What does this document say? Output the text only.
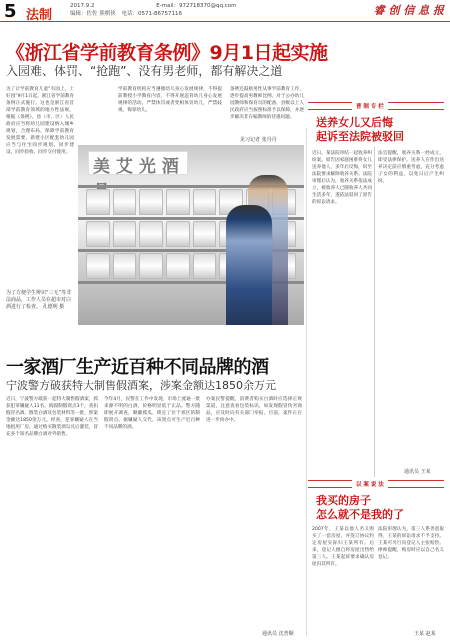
5 法制
2017.9.2	E-mail：972718370@qq.com
编辑：佐佐 熊棋侠 电话：0571-86757116	睿 创 信 息 报
《浙江省学前教育条例》9月1日起实施
入园难、体罚、“抢跑”、没有男老师，都有解决之道
为了让学前教育儿童“有园上、上好园”9月1日起，浙江省学前教育条例正式施行。这也是浙江省首部学前教育领域的地方性法规。根据《条例》，县（市、区）人民政府应当将幼儿园建设纳入城乡规划，合理布局，保障学前教育发展需要。新建小区配套幼儿园应当与住宅同步规划、同步建设、同步验收、同步交付使用。
学前教育机构应当遵循幼儿身心发展规律，不得提前教授小学教育内容，不得开展违背幼儿身心发展规律的活动。严禁体罚或者变相体罚幼儿，严禁歧视、侮辱幼儿。
条例还鼓励男性从事学前教育工作，逐步提高男教师比例。对于公办幼儿园教师和保育员的配备，县级以上人民政府应当按照标准予以保障，并逐步解决非在编教师的待遇问题。
见习记者 张丹丹
美 艾 光 酒
为了方便学生辨识“三无”等非法商品，工作人员在超市对白酒进行了检查。 孔德明 摄
一家酒厂生产近百种不同品牌的酒
宁波警方破获特大制售假酒案，涉案金额达1850余万元
近日，宁波警方破获一起特大制售假酒案，抓获犯罪嫌疑人11名，捣毁制假窝点3个，查扣假冒名酒、散装白酒及包装材料等一批，涉案金额达1850余万元。经查，犯罪嫌疑人在当地租用厂房，通过购买散装酒勾兑后灌装，冒充多个知名品牌白酒对外销售。
今年4月，民警在工作中发现，市场上流通一批来源不明的白酒，价格明显低于正品。警方随即展开调查，顺藤摸瓜，锁定了位于郊区的制假窝点。据嫌疑人交代，该窝点可生产近百种不同品牌的酒。
办案民警提醒，消费者购买白酒时应选择正规渠道，注意查看包装标识，如发现假冒伪劣商品，应及时向有关部门举报。目前，案件正在进一步侦办中。
通讯员 沈普顺
普 制 专 栏
送养女儿又后悔
起诉至法院被驳回
近日，某法院审结一起收养纠纷案。原告因家庭困难将女儿送养他人，多年后反悔，诉至法院要求解除收养关系。法院审理后认为，收养关系依法成立，被收养人已随收养人共同生活多年，遂依法驳回了原告的诉讼请求。
法官提醒，收养关系一经成立，即受法律保护。送养人在作出送养决定前应慎重考虑，充分考虑子女的利益，以免日后产生纠纷。
通讯员 王某
以 案 说 法
我买的房子
怎么就不是我的了
2007年，王某以他人名义购买了一套房屋，并签订协议约定房屋实际归王某所有。后来，登记人擅自将房屋出售给第三人。王某起诉要求确认房屋归其所有。
法院审理认为，第三人系善意取得，王某的诉讼请求不予支持。王某可另行向登记人主张赔偿。律师提醒，购房时应以自己名义登记。
王某 赵某
